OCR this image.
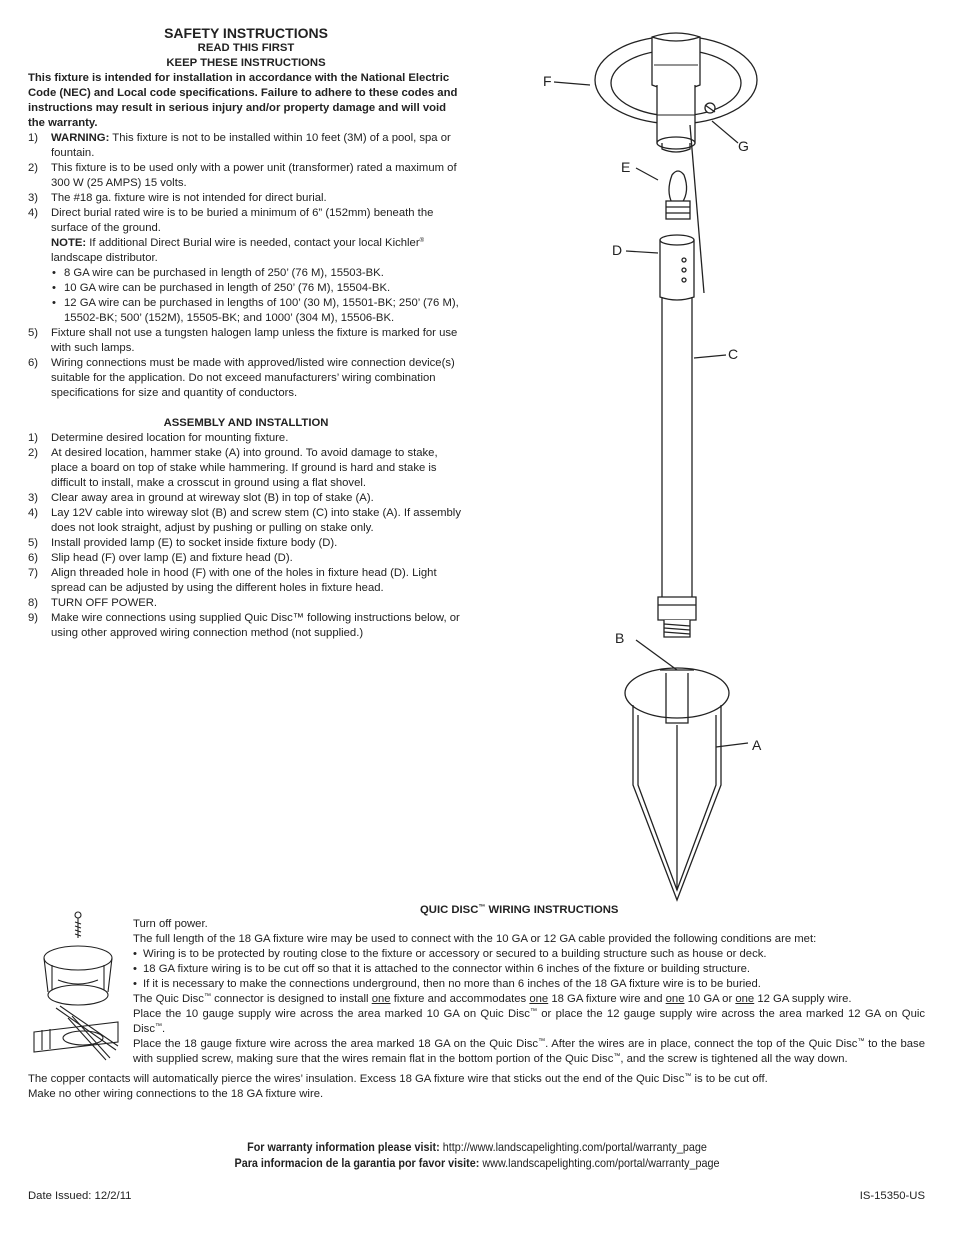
SAFETY INSTRUCTIONS
READ THIS FIRST
KEEP THESE INSTRUCTIONS
This fixture is intended for installation in accordance with the National Electric Code (NEC) and Local code specifications. Failure to adhere to these codes and instructions may result in serious injury and/or property damage and will void the warranty.
1)	WARNING: This fixture is not to be installed within 10 feet (3M) of a pool, spa or fountain.
2)	This fixture is to be used only with a power unit (transformer) rated a maximum of 300 W (25 AMPS) 15 volts.
3)	The #18 ga. fixture wire is not intended for direct burial.
4)	Direct burial rated wire is to be buried a minimum of 6” (152mm) beneath the surface of the ground.
NOTE: If additional Direct Burial wire is needed, contact your local Kichler® landscape distributor.
• 8 GA wire can be purchased in length of 250’ (76 M), 15503-BK.
• 10 GA wire can be purchased in length of 250’ (76 M), 15504-BK.
• 12 GA wire can be purchased in lengths of 100’ (30 M), 15501-BK; 250’ (76 M), 15502-BK; 500’ (152M), 15505-BK; and 1000’ (304 M), 15506-BK.
5)	Fixture shall not use a tungsten halogen lamp unless the fixture is marked for use with such lamps.
6)	Wiring connections must be made with approved/listed wire connection device(s) suitable for the application. Do not exceed manufacturers’ wiring combination specifications for size and quantity of conductors.
ASSEMBLY AND INSTALLTION
1)	Determine desired location for mounting fixture.
2)	At desired location, hammer stake (A) into ground. To avoid damage to stake, place a board on top of stake while hammering. If ground is hard and stake is difficult to install, make a crosscut in ground using a flat shovel.
3)	Clear away area in ground at wireway slot (B) in top of stake (A).
4)	Lay 12V cable into wireway slot (B) and screw stem (C) into stake (A). If assembly does not look straight, adjust by pushing or pulling on stake only.
5)	Install provided lamp (E) to socket inside fixture body (D).
6)	Slip head (F) over lamp (E) and fixture head (D).
7)	Align threaded hole in hood (F) with one of the holes in fixture head (D). Light spread can be adjusted by using the different holes in fixture head.
8)	TURN OFF POWER.
9)	Make wire connections using supplied Quic Disc™ following instructions below, or using other approved wiring connection method (not supplied.)
F
G
E
D
C
B
A
QUIC DISC™ WIRING INSTRUCTIONS
Turn off power.
The full length of the 18 GA fixture wire may be used to connect with the 10 GA or 12 GA cable provided the following conditions are met:
• Wiring is to be protected by routing close to the fixture or accessory or secured to a building structure such as house or deck.
• 18 GA fixture wiring is to be cut off so that it is attached to the connector within 6 inches of the fixture or building structure.
• If it is necessary to make the connections underground, then no more than 6 inches of the 18 GA fixture wire is to be buried.
The Quic Disc™ connector is designed to install one fixture and accommodates one 18 GA fixture wire and one 10 GA or one 12 GA supply wire.
Place the 10 gauge supply wire across the area marked 10 GA on Quic Disc™ or place the 12 gauge supply wire across the area marked 12 GA on Quic Disc™.
Place the 18 gauge fixture wire across the area marked 18 GA on the Quic Disc™. After the wires are in place, connect the top of the Quic Disc™ to the base with supplied screw, making sure that the wires remain flat in the bottom portion of the Quic Disc™, and the screw is tightened all the way down.
The copper contacts will automatically pierce the wires’ insulation. Excess 18 GA fixture wire that sticks out the end of the Quic Disc™ is to be cut off.
Make no other wiring connections to the 18 GA fixture wire.
For warranty information please visit: http://www.landscapelighting.com/portal/warranty_page
Para informacion de la garantia por favor visite: www.landscapelighting.com/portal/warranty_page
Date Issued: 12/2/11	IS-15350-US
